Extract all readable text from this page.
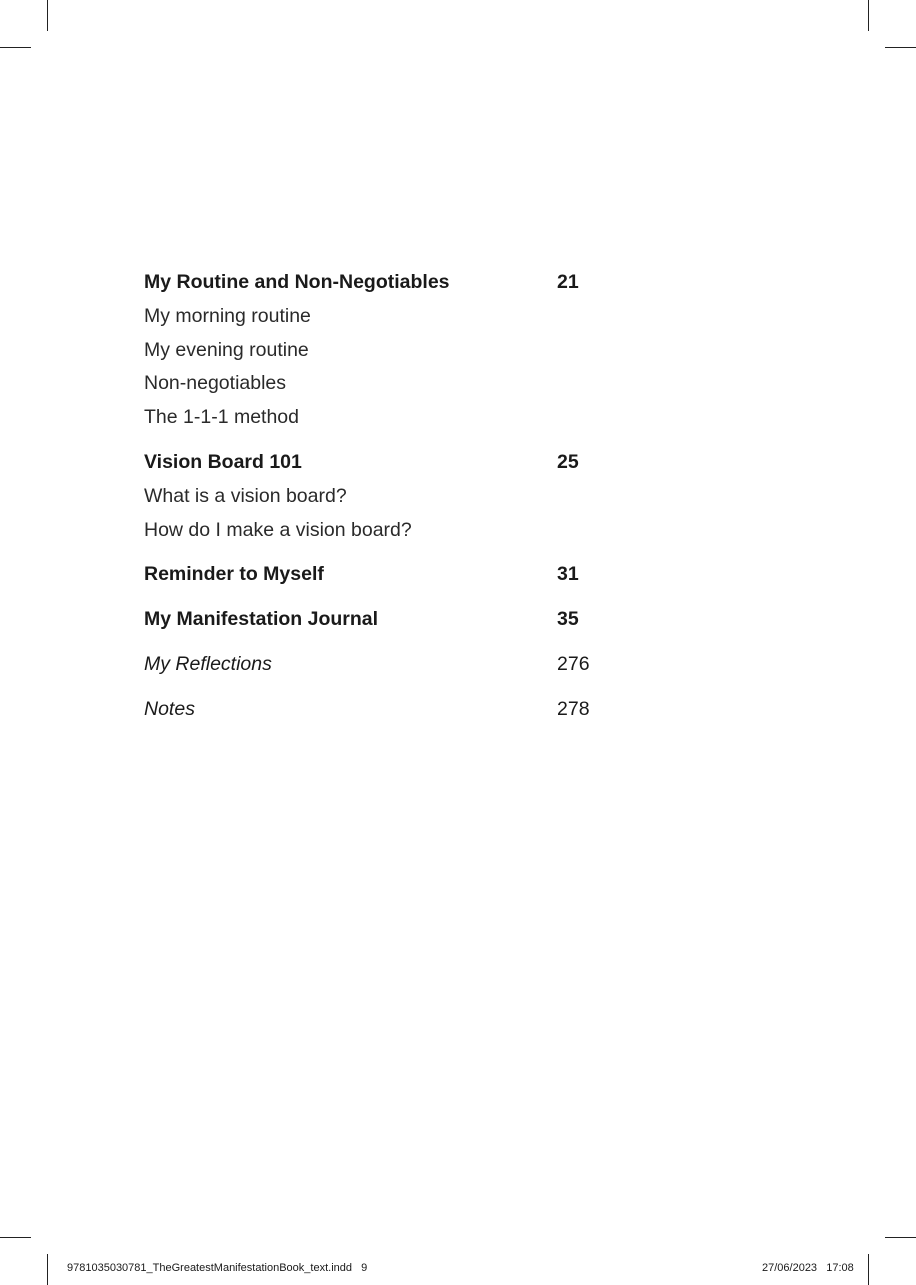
My Routine and Non-Negotiables	21
My morning routine
My evening routine
Non-negotiables
The 1-1-1 method
Vision Board 101	25
What is a vision board?
How do I make a vision board?
Reminder to Myself	31
My Manifestation Journal	35
My Reflections	276
Notes	278
9781035030781_TheGreatestManifestationBook_text.indd   9	27/06/2023   17:08
